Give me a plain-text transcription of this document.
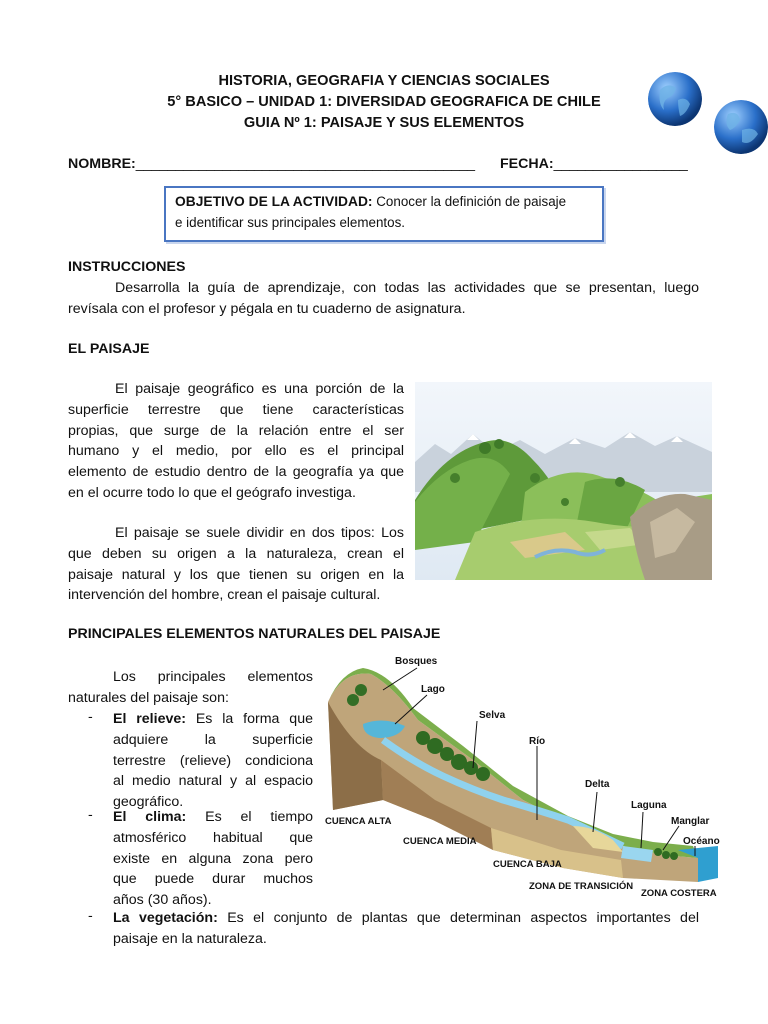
HISTORIA, GEOGRAFIA Y CIENCIAS SOCIALES
5° BASICO – UNIDAD 1: DIVERSIDAD GEOGRAFICA DE CHILE
GUIA Nº 1: PAISAJE Y SUS ELEMENTOS
NOMBRE:___________________________________________ FECHA:_________________
OBJETIVO DE LA ACTIVIDAD: Conocer la definición de paisaje
e identificar sus principales elementos.
INSTRUCCIONES
Desarrolla la guía de aprendizaje, con todas las actividades que se presentan, luego
revísala con el profesor y pégala en tu cuaderno de asignatura.
EL PAISAJE
El paisaje geográfico es una porción de la
superficie terrestre que tiene características
propias, que surge de la relación entre el ser
humano y el medio, por ello es el principal
elemento de estudio dentro de la geografía ya que
en el ocurre todo lo que el geógrafo investiga.
El paisaje se suele dividir en dos tipos: Los
que deben su origen a la naturaleza, crean el
paisaje natural y los que tienen su origen en la
intervención del hombre, crean el paisaje cultural.
PRINCIPALES ELEMENTOS NATURALES DEL PAISAJE
Los principales elementos
naturales del paisaje son:
- El relieve: Es la forma que
adquiere la superficie
terrestre (relieve) condiciona
al medio natural y al espacio
geográfico.
- El clima: Es el tiempo
atmosférico habitual que
existe en alguna zona pero
que puede durar muchos
años (30 años).
- La vegetación: Es el conjunto de plantas que determinan aspectos importantes del
paisaje en la naturaleza.
Bosques
Lago
Selva
Río
Delta
Laguna
Manglar
Océano
CUENCA ALTA
CUENCA MEDIA
CUENCA BAJA
ZONA DE TRANSICIÓN
ZONA COSTERA
